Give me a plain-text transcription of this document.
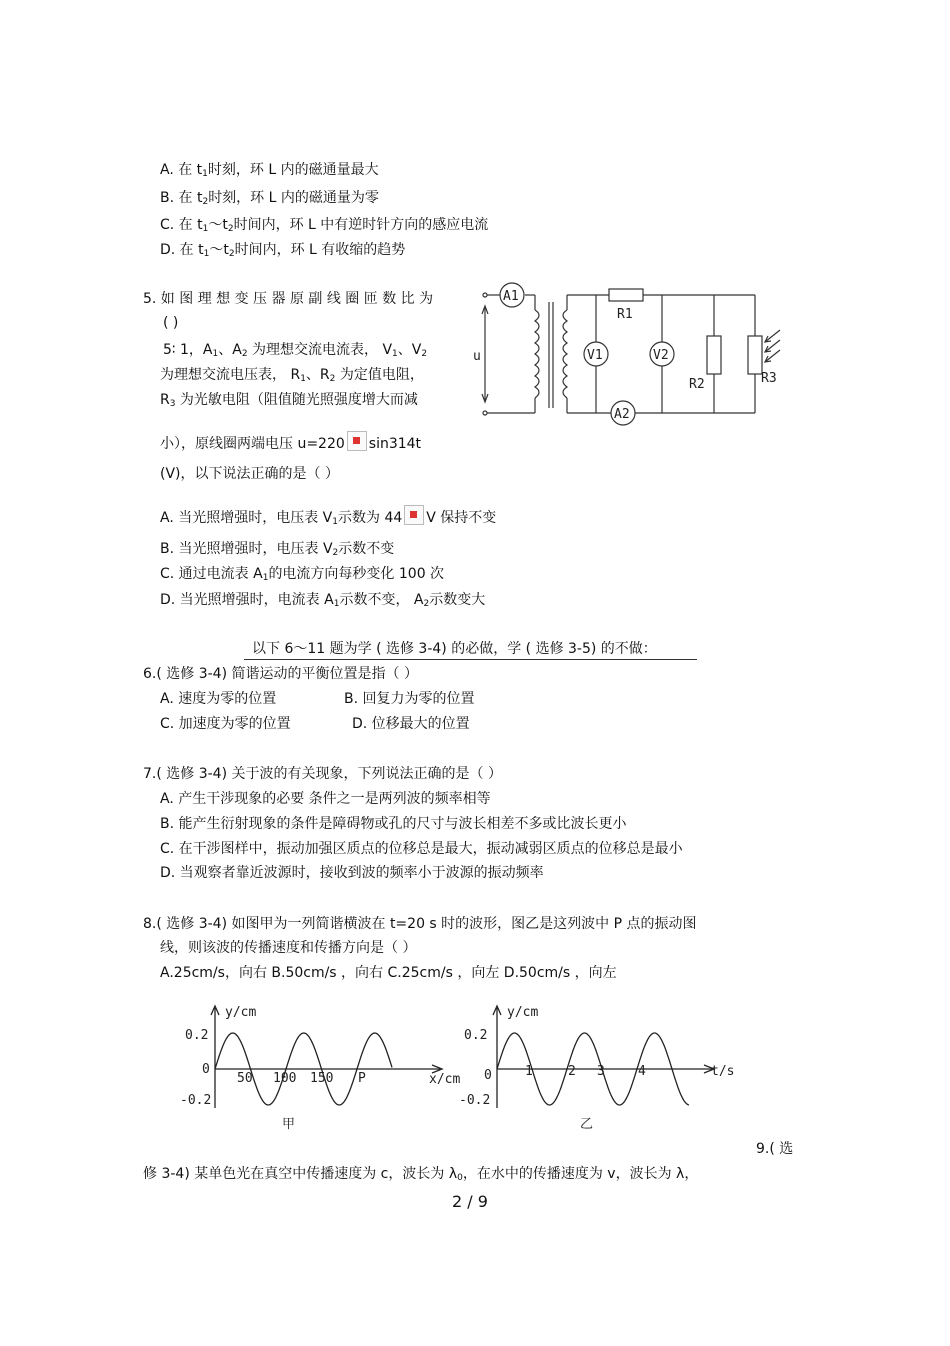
A. 在 $t_1$时刻，环 L 内的磁通量最大
B. 在 $t_2$时刻，环 L 内的磁通量为零
C. 在 $t_1\sim t_2$时间内，环 L 中有逆时针方向的感应电流
D. 在 $t_1\sim t_2$时间内，环 L 有收缩的趋势
5. 如 图 理 想 变 压 器 原 副 线 圈 匝 数 比 为
( )
5∶ 1，$A_1$、$A_2$ 为理想交流电流表， $V_1$、$V_2$
为理想交流电压表， $R_1$、$R_2$ 为定值电阻，
$R_3$ 为光敏电阻（阻值随光照强度增大而减
小），原线圈两端电压 u=220 sin314t
(V)，以下说法正确的是（ ）
A. 当光照增强时，电压表 $V_1$示数为 44 V 保持不变
B. 当光照增强时，电压表 $V_2$示数不变
C. 通过电流表 $A_1$的电流方向每秒变化 100 次
D. 当光照增强时，电流表 $A_1$示数不变， $A_2$示数变大
A1
V1	V2
A2
R1
R2	R3
u
以下 6～11 题为学 ( 选修 3-4) 的必做，学 ( 选修 3-5) 的不做：
6.( 选修 3-4) 简谐运动的平衡位置是指（ ）
A. 速度为零的位置	B. 回复力为零的位置
C. 加速度为零的位置	D. 位移最大的位置
7.( 选修 3-4) 关于波的有关现象，下列说法正确的是（ ）
A. 产生干涉现象的必要 条件之一是两列波的频率相等
B. 能产生衍射现象的条件是障碍物或孔的尺寸与波长相差不多或比波长更小
C. 在干涉图样中，振动加强区质点的位移总是最大，振动减弱区质点的位移总是最小
D. 当观察者靠近波源时，接收到波的频率小于波源的振动频率
8.( 选修 3-4) 如图甲为一列简谐横波在 t=20 s 时的波形，图乙是这列波中 P 点的振动图
线，则该波的传播速度和传播方向是（ ）
A.25cm/s，向右 B.50cm/s ，向右 C.25cm/s ，向左 D.50cm/s ，向左
y/cm
0.2
0
-0.2
50 100 150 P	x/cm
甲
y/cm
0.2
0
-0.2
1	2 3	4	t/s
乙
9.( 选
修 3-4) 某单色光在真空中传播速度为 c，波长为 $\lambda_0$，在水中的传播速度为 v，波长为 λ，
2 / 9
